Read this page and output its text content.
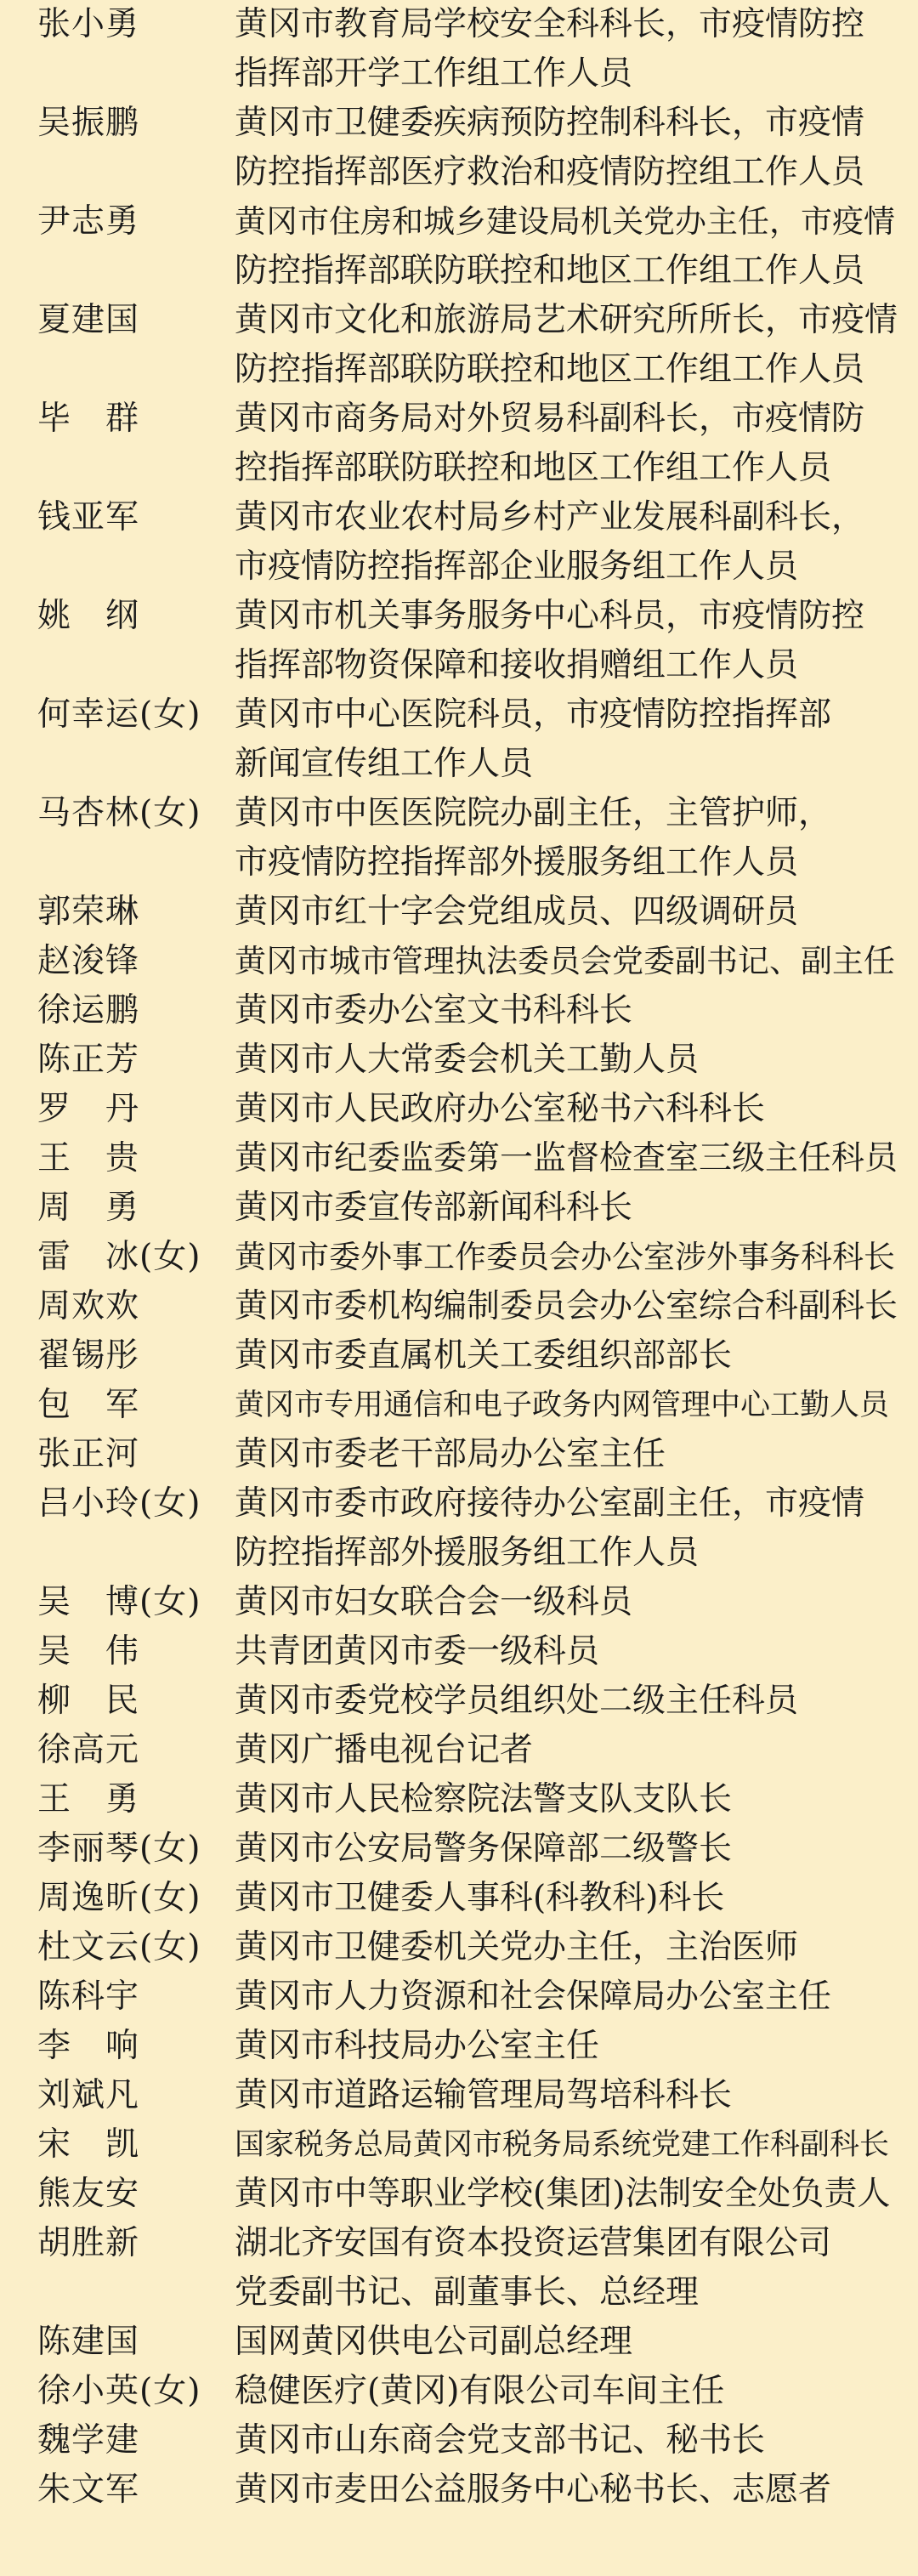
张小勇	黄冈市教育局学校安全科科长，市疫情防控
指挥部开学工作组工作人员
吴振鹏	黄冈市卫健委疾病预防控制科科长，市疫情
防控指挥部医疗救治和疫情防控组工作人员
尹志勇	黄冈市住房和城乡建设局机关党办主任，市疫情
防控指挥部联防联控和地区工作组工作人员
夏建国	黄冈市文化和旅游局艺术研究所所长，市疫情
防控指挥部联防联控和地区工作组工作人员
毕　群	黄冈市商务局对外贸易科副科长，市疫情防
控指挥部联防联控和地区工作组工作人员
钱亚军	黄冈市农业农村局乡村产业发展科副科长，
市疫情防控指挥部企业服务组工作人员
姚　纲	黄冈市机关事务服务中心科员，市疫情防控
指挥部物资保障和接收捐赠组工作人员
何幸运(女)	黄冈市中心医院科员，市疫情防控指挥部
新闻宣传组工作人员
马杏林(女)	黄冈市中医医院院办副主任，主管护师，
市疫情防控指挥部外援服务组工作人员
郭荣琳	黄冈市红十字会党组成员、四级调研员
赵浚锋	黄冈市城市管理执法委员会党委副书记、副主任
徐运鹏	黄冈市委办公室文书科科长
陈正芳	黄冈市人大常委会机关工勤人员
罗　丹	黄冈市人民政府办公室秘书六科科长
王　贵	黄冈市纪委监委第一监督检查室三级主任科员
周　勇	黄冈市委宣传部新闻科科长
雷　冰(女)	黄冈市委外事工作委员会办公室涉外事务科科长
周欢欢	黄冈市委机构编制委员会办公室综合科副科长
翟锡彤	黄冈市委直属机关工委组织部部长
包　军	黄冈市专用通信和电子政务内网管理中心工勤人员
张正河	黄冈市委老干部局办公室主任
吕小玲(女)	黄冈市委市政府接待办公室副主任，市疫情
防控指挥部外援服务组工作人员
吴　博(女)	黄冈市妇女联合会一级科员
吴　伟	共青团黄冈市委一级科员
柳　民	黄冈市委党校学员组织处二级主任科员
徐高元	黄冈广播电视台记者
王　勇	黄冈市人民检察院法警支队支队长
李丽琴(女)	黄冈市公安局警务保障部二级警长
周逸昕(女)	黄冈市卫健委人事科(科教科)科长
杜文云(女)	黄冈市卫健委机关党办主任，主治医师
陈科宇	黄冈市人力资源和社会保障局办公室主任
李　响	黄冈市科技局办公室主任
刘斌凡	黄冈市道路运输管理局驾培科科长
宋　凯	国家税务总局黄冈市税务局系统党建工作科副科长
熊友安	黄冈市中等职业学校(集团)法制安全处负责人
胡胜新	湖北齐安国有资本投资运营集团有限公司
党委副书记、副董事长、总经理
陈建国	国网黄冈供电公司副总经理
徐小英(女)	稳健医疗(黄冈)有限公司车间主任
魏学建	黄冈市山东商会党支部书记、秘书长
朱文军	黄冈市麦田公益服务中心秘书长、志愿者
